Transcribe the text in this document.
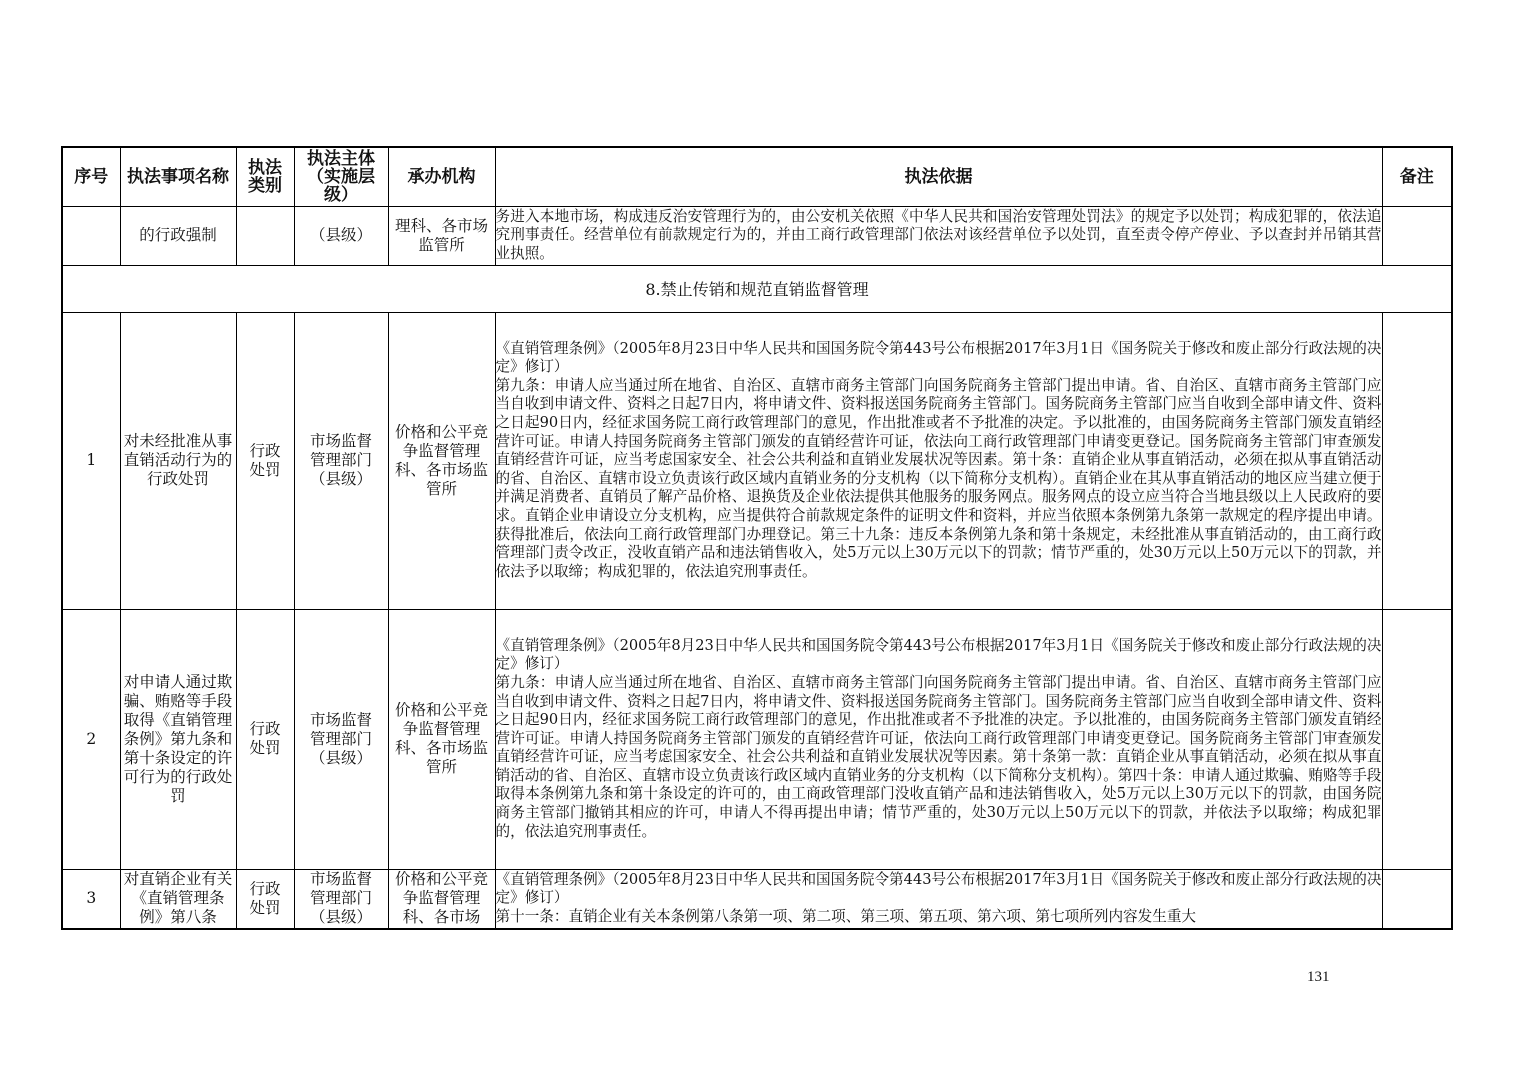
序号	执法事项名称	执法类别	执法主体（实施层级）	承办机构	执法依据	备注
	的行政强制		（县级）	理科、各市场监管所	务进入本地市场，构成违反治安管理行为的，由公安机关依照《中华人民共和国治安管理处罚法》的规定予以处罚；构成犯罪的，依法追究刑事责任。经营单位有前款规定行为的，并由工商行政管理部门依法对该经营单位予以处罚，直至责令停产停业、予以查封并吊销其营业执照。	
8.禁止传销和规范直销监督管理						
1	对未经批准从事直销活动行为的行政处罚	行政处罚	市场监督管理部门（县级）	价格和公平竞争监督管理科、各市场监管所	《直销管理条例》（2005年8月23日中华人民共和国国务院令第443号公布根据2017年3月1日《国务院关于修改和废止部分行政法规的决定》修订）
第九条：申请人应当通过所在地省、自治区、直辖市商务主管部门向国务院商务主管部门提出申请。省、自治区、直辖市商务主管部门应当自收到申请文件、资料之日起7日内，将申请文件、资料报送国务院商务主管部门。国务院商务主管部门应当自收到全部申请文件、资料之日起90日内，经征求国务院工商行政管理部门的意见，作出批准或者不予批准的决定。予以批准的，由国务院商务主管部门颁发直销经营许可证。申请人持国务院商务主管部门颁发的直销经营许可证，依法向工商行政管理部门申请变更登记。国务院商务主管部门审查颁发直销经营许可证，应当考虑国家安全、社会公共利益和直销业发展状况等因素。第十条：直销企业从事直销活动，必须在拟从事直销活动的省、自治区、直辖市设立负责该行政区域内直销业务的分支机构（以下简称分支机构）。直销企业在其从事直销活动的地区应当建立便于并满足消费者、直销员了解产品价格、退换货及企业依法提供其他服务的服务网点。服务网点的设立应当符合当地县级以上人民政府的要求。直销企业申请设立分支机构，应当提供符合前款规定条件的证明文件和资料，并应当依照本条例第九条第一款规定的程序提出申请。获得批准后，依法向工商行政管理部门办理登记。第三十九条：违反本条例第九条和第十条规定，未经批准从事直销活动的，由工商行政管理部门责令改正，没收直销产品和违法销售收入，处5万元以上30万元以下的罚款；情节严重的，处30万元以上50万元以下的罚款，并依法予以取缔；构成犯罪的，依法追究刑事责任。	

2	对申请人通过欺骗、贿赂等手段取得《直销管理条例》第九条和第十条设定的许可行为的行政处罚	行政处罚	市场监督管理部门（县级）	价格和公平竞争监督管理科、各市场监管所	《直销管理条例》（2005年8月23日中华人民共和国国务院令第443号公布根据2017年3月1日《国务院关于修改和废止部分行政法规的决定》修订）
第九条：申请人应当通过所在地省、自治区、直辖市商务主管部门向国务院商务主管部门提出申请。省、自治区、直辖市商务主管部门应当自收到申请文件、资料之日起7日内，将申请文件、资料报送国务院商务主管部门。国务院商务主管部门应当自收到全部申请文件、资料之日起90日内，经征求国务院工商行政管理部门的意见，作出批准或者不予批准的决定。予以批准的，由国务院商务主管部门颁发直销经营许可证。申请人持国务院商务主管部门颁发的直销经营许可证，依法向工商行政管理部门申请变更登记。国务院商务主管部门审查颁发直销经营许可证，应当考虑国家安全、社会公共利益和直销业发展状况等因素。第十条第一款：直销企业从事直销活动，必须在拟从事直销活动的省、自治区、直辖市设立负责该行政区域内直销业务的分支机构（以下简称分支机构）。第四十条：申请人通过欺骗、贿赂等手段取得本条例第九条和第十条设定的许可的，由工商政管理部门没收直销产品和违法销售收入，处5万元以上30万元以下的罚款，由国务院商务主管部门撤销其相应的许可，申请人不得再提出申请；情节严重的，处30万元以上50万元以下的罚款，并依法予以取缔；构成犯罪的，依法追究刑事责任。	

3	对直销企业有关《直销管理条例》第八条	行政处罚	市场监督管理部门（县级）	价格和公平竞争监督管理科、各市场	《直销管理条例》（2005年8月23日中华人民共和国国务院令第443号公布根据2017年3月1日《国务院关于修改和废止部分行政法规的决定》修订）
第十一条：直销企业有关本条例第八条第一项、第二项、第三项、第五项、第六项、第七项所列内容发生重大	

131
